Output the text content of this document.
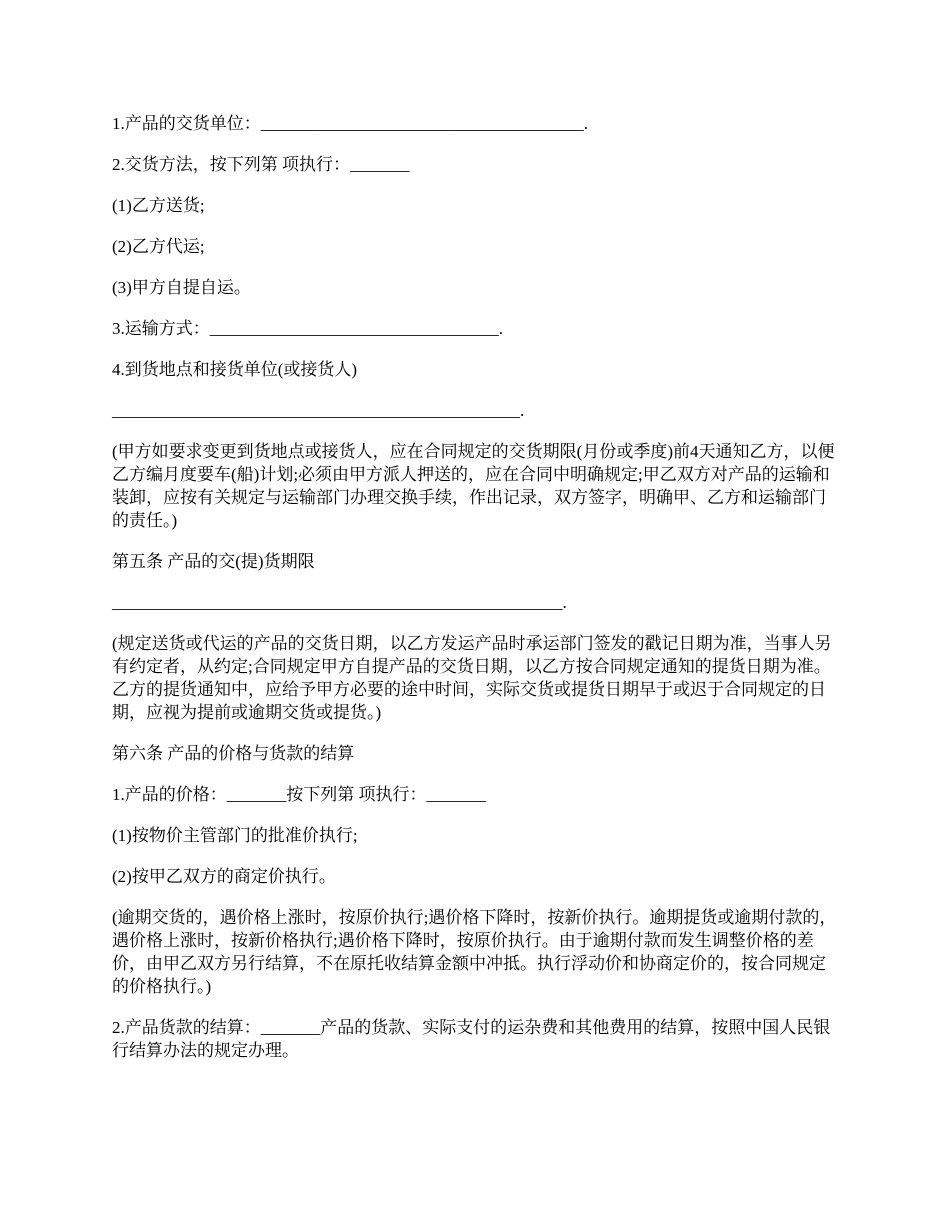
1.产品的交货单位：______________________________________.

2.交货方法，按下列第 项执行：_______

(1)乙方送货;

(2)乙方代运;

(3)甲方自提自运。

3.运输方式：__________________________________.

4.到货地点和接货单位(或接货人)

________________________________________________.

(甲方如要求变更到货地点或接货人，应在合同规定的交货期限(月份或季度)前4天通知乙方，以便乙方编月度要车(船)计划;必须由甲方派人押送的，应在合同中明确规定;甲乙双方对产品的运输和装卸，应按有关规定与运输部门办理交换手续，作出记录，双方签字，明确甲、乙方和运输部门的责任。)

第五条 产品的交(提)货期限

_____________________________________________________.

(规定送货或代运的产品的交货日期，以乙方发运产品时承运部门签发的戳记日期为准，当事人另有约定者，从约定;合同规定甲方自提产品的交货日期，以乙方按合同规定通知的提货日期为准。乙方的提货通知中，应给予甲方必要的途中时间，实际交货或提货日期早于或迟于合同规定的日期，应视为提前或逾期交货或提货。)

第六条 产品的价格与货款的结算

1.产品的价格：_______按下列第 项执行：_______

(1)按物价主管部门的批准价执行;

(2)按甲乙双方的商定价执行。

(逾期交货的，遇价格上涨时，按原价执行;遇价格下降时，按新价执行。逾期提货或逾期付款的，遇价格上涨时，按新价格执行;遇价格下降时，按原价执行。由于逾期付款而发生调整价格的差价，由甲乙双方另行结算，不在原托收结算金额中冲抵。执行浮动价和协商定价的，按合同规定的价格执行。)

2.产品货款的结算：_______产品的货款、实际支付的运杂费和其他费用的结算，按照中国人民银行结算办法的规定办理。
